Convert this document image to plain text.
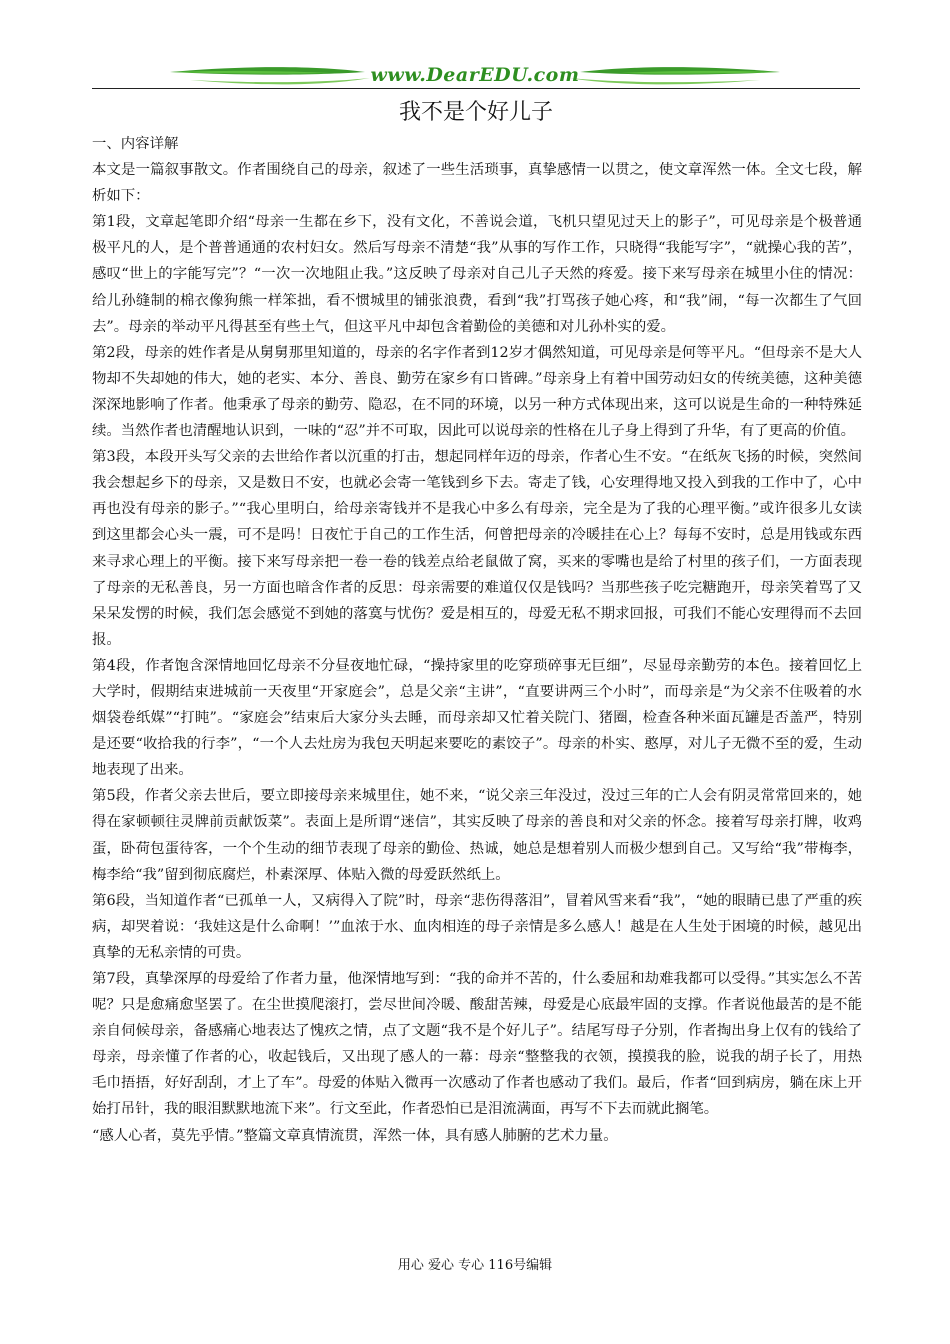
www.DearEDU.com
我不是个好儿子

一、内容详解

本文是一篇叙事散文。作者围绕自己的母亲，叙述了一些生活琐事，真挚感情一以贯之，使文章浑然一体。全文七段，解析如下：

第1段，文章起笔即介绍“母亲一生都在乡下，没有文化，不善说会道，飞机只望见过天上的影子”，可见母亲是个极普通极平凡的人，是个普普通通的农村妇女。然后写母亲不清楚“我”从事的写作工作，只晓得“我能写字”，“就操心我的苦”，感叹“世上的字能写完”？“一次一次地阻止我。”这反映了母亲对自己儿子天然的疼爱。接下来写母亲在城里小住的情况：给儿孙缝制的棉衣像狗熊一样笨拙，看不惯城里的铺张浪费，看到“我”打骂孩子她心疼，和“我”闹，“每一次都生了气回去”。母亲的举动平凡得甚至有些土气，但这平凡中却包含着勤俭的美德和对儿孙朴实的爱。

第2段，母亲的姓作者是从舅舅那里知道的，母亲的名字作者到12岁才偶然知道，可见母亲是何等平凡。“但母亲不是大人物却不失却她的伟大，她的老实、本分、善良、勤劳在家乡有口皆碑。”母亲身上有着中国劳动妇女的传统美德，这种美德深深地影响了作者。他秉承了母亲的勤劳、隐忍，在不同的环境，以另一种方式体现出来，这可以说是生命的一种特殊延续。当然作者也清醒地认识到，一味的“忍”并不可取，因此可以说母亲的性格在儿子身上得到了升华，有了更高的价值。

第3段，本段开头写父亲的去世给作者以沉重的打击，想起同样年迈的母亲，作者心生不安。“在纸灰飞扬的时候，突然间我会想起乡下的母亲，又是数日不安，也就必会寄一笔钱到乡下去。寄走了钱，心安理得地又投入到我的工作中了，心中再也没有母亲的影子。”“我心里明白，给母亲寄钱并不是我心中多么有母亲，完全是为了我的心理平衡。”或许很多儿女读到这里都会心头一震，可不是吗！日夜忙于自己的工作生活，何曾把母亲的冷暖挂在心上？每每不安时，总是用钱或东西来寻求心理上的平衡。接下来写母亲把一卷一卷的钱差点给老鼠做了窝，买来的零嘴也是给了村里的孩子们，一方面表现了母亲的无私善良，另一方面也暗含作者的反思：母亲需要的难道仅仅是钱吗？当那些孩子吃完糖跑开，母亲笑着骂了又呆呆发愣的时候，我们怎会感觉不到她的落寞与忧伤？爱是相互的，母爱无私不期求回报，可我们不能心安理得而不去回报。

第4段，作者饱含深情地回忆母亲不分昼夜地忙碌，“操持家里的吃穿琐碎事无巨细”，尽显母亲勤劳的本色。接着回忆上大学时，假期结束进城前一天夜里“开家庭会”，总是父亲“主讲”，“直要讲两三个小时”，而母亲是“为父亲不住吸着的水烟袋卷纸媒”“打盹”。“家庭会”结束后大家分头去睡，而母亲却又忙着关院门、猪圈，检查各种米面瓦罐是否盖严，特别是还要“收拾我的行李”，“一个人去灶房为我包天明起来要吃的素饺子”。母亲的朴实、憨厚，对儿子无微不至的爱，生动地表现了出来。

第5段，作者父亲去世后，要立即接母亲来城里住，她不来，“说父亲三年没过，没过三年的亡人会有阴灵常常回来的，她得在家顿顿往灵牌前贡献饭菜”。表面上是所谓“迷信”，其实反映了母亲的善良和对父亲的怀念。接着写母亲打牌，收鸡蛋，卧荷包蛋待客，一个个生动的细节表现了母亲的勤俭、热诚，她总是想着别人而极少想到自己。又写给“我”带梅李，梅李给“我”留到彻底腐烂，朴素深厚、体贴入微的母爱跃然纸上。

第6段，当知道作者“已孤单一人，又病得入了院”时，母亲“悲伤得落泪”，冒着风雪来看“我”，“她的眼睛已患了严重的疾病，却哭着说：‘我娃这是什么命啊！’”血浓于水、血肉相连的母子亲情是多么感人！越是在人生处于困境的时候，越见出真挚的无私亲情的可贵。

第7段，真挚深厚的母爱给了作者力量，他深情地写到：“我的命并不苦的，什么委屈和劫难我都可以受得。”其实怎么不苦呢？只是愈痛愈坚罢了。在尘世摸爬滚打，尝尽世间冷暖、酸甜苦辣，母爱是心底最牢固的支撑。作者说他最苦的是不能亲自伺候母亲，备感痛心地表达了愧疚之情，点了文题“我不是个好儿子”。结尾写母子分别，作者掏出身上仅有的钱给了母亲，母亲懂了作者的心，收起钱后，又出现了感人的一幕：母亲“整整我的衣领，摸摸我的脸，说我的胡子长了，用热毛巾捂捂，好好刮刮，才上了车”。母爱的体贴入微再一次感动了作者也感动了我们。最后，作者“回到病房，躺在床上开始打吊针，我的眼泪默默地流下来”。行文至此，作者恐怕已是泪流满面，再写不下去而就此搁笔。

“感人心者，莫先乎情。”整篇文章真情流贯，浑然一体，具有感人肺腑的艺术力量。

用心 爱心 专心 116号编辑
